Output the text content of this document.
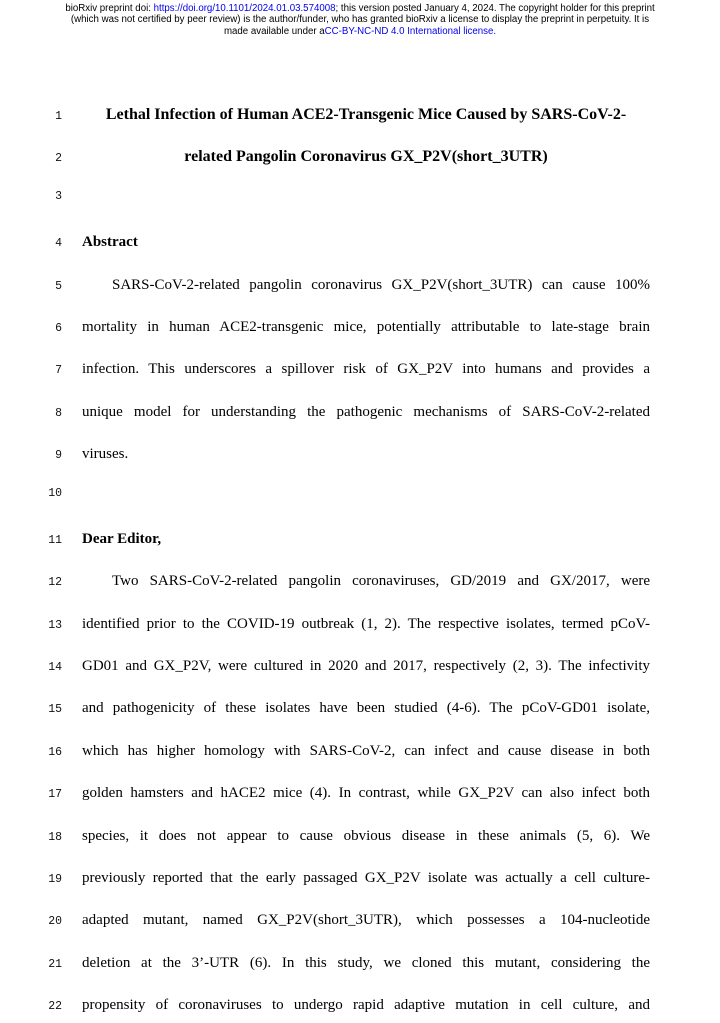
bioRxiv preprint doi: https://doi.org/10.1101/2024.01.03.574008; this version posted January 4, 2024. The copyright holder for this preprint
(which was not certified by peer review) is the author/funder, who has granted bioRxiv a license to display the preprint in perpetuity. It is
made available under aCC-BY-NC-ND 4.0 International license.
1	Lethal Infection of Human ACE2-Transgenic Mice Caused by SARS-CoV-2-
2	related Pangolin Coronavirus GX_P2V(short_3UTR)
3
4 Abstract
5	SARS-CoV-2-related pangolin coronavirus GX_P2V(short_3UTR) can cause 100%
6 mortality in human ACE2-transgenic mice, potentially attributable to late-stage brain
7 infection. This underscores a spillover risk of GX_P2V into humans and provides a
8 unique model for understanding the pathogenic mechanisms of SARS-CoV-2-related
9 viruses.
10
11 Dear Editor,
12	Two SARS-CoV-2-related pangolin coronaviruses, GD/2019 and GX/2017, were
13 identified prior to the COVID-19 outbreak (1, 2). The respective isolates, termed pCoV-
14 GD01 and GX_P2V, were cultured in 2020 and 2017, respectively (2, 3). The infectivity
15 and pathogenicity of these isolates have been studied (4-6). The pCoV-GD01 isolate,
16 which has higher homology with SARS-CoV-2, can infect and cause disease in both
17 golden hamsters and hACE2 mice (4). In contrast, while GX_P2V can also infect both
18 species, it does not appear to cause obvious disease in these animals (5, 6). We
19 previously reported that the early passaged GX_P2V isolate was actually a cell culture-
20 adapted mutant, named GX_P2V(short_3UTR), which possesses a 104-nucleotide
21 deletion at the 3’-UTR (6). In this study, we cloned this mutant, considering the
22 propensity of coronaviruses to undergo rapid adaptive mutation in cell culture, and
